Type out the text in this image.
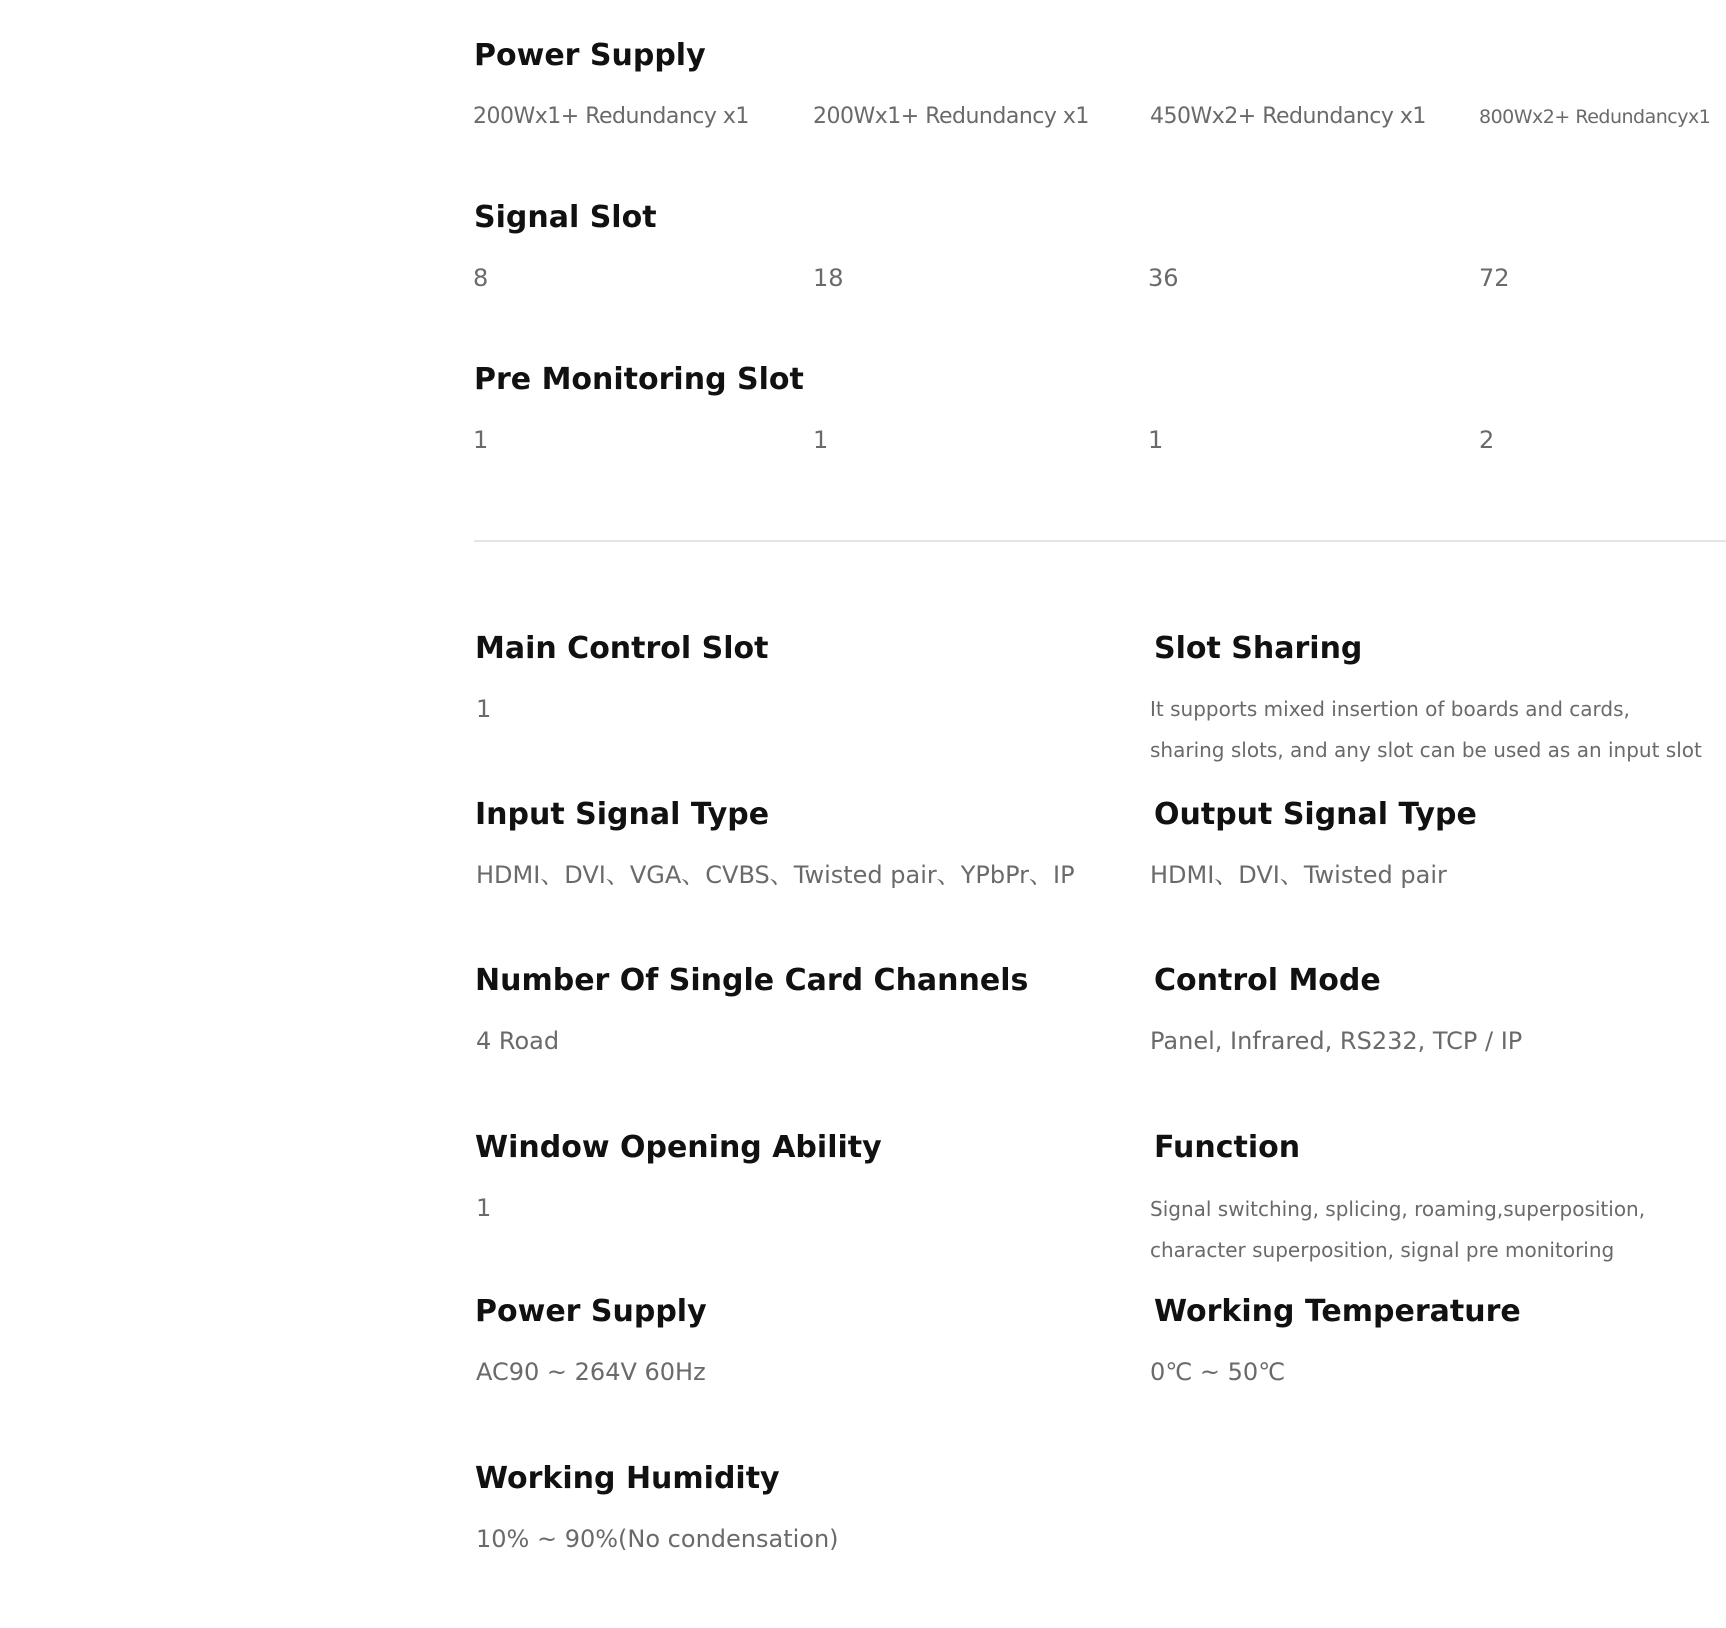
Power Supply

200Wx1+ Redundancy x1	200Wx1+ Redundancy x1	450Wx2+ Redundancy x1	800Wx2+ Redundancyx1

Signal Slot

8	18	36	72

Pre Monitoring Slot

1	1	1	2

Main Control Slot

1

Slot Sharing

It supports mixed insertion of boards and cards, sharing slots, and any slot can be used as an input slot

Input Signal Type

HDMI、DVI、VGA、CVBS、Twisted pair、YPbPr、IP

Output Signal Type

HDMI、DVI、Twisted pair

Number Of Single Card Channels

4 Road

Control Mode

Panel, Infrared, RS232, TCP / IP

Window Opening Ability

1

Function

Signal switching, splicing, roaming,superposition, character superposition, signal pre monitoring

Power Supply

AC90 ~ 264V 60Hz

Working Temperature

0℃ ~ 50℃

Working Humidity

10% ~ 90%(No condensation)
